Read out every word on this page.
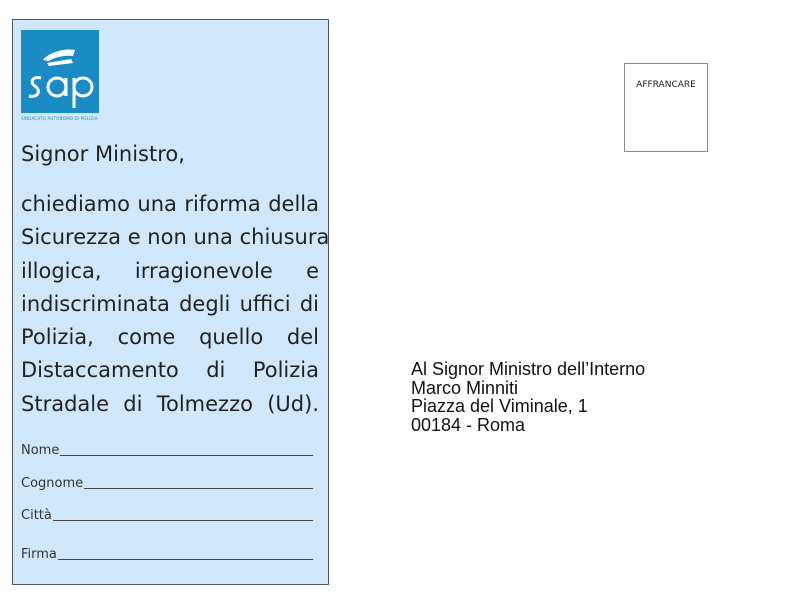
SINDACATO AUTONOMO DI POLIZIA
Signor Ministro,
chiediamo una riforma della
Sicurezza e non una chiusura
illogica, irragionevole e
indiscriminata degli uffici di
Polizia, come quello del
Distaccamento di Polizia
Stradale di Tolmezzo (Ud).
Nome
Cognome
Città
Firma
AFFRANCARE
Al Signor Ministro dell’Interno
Marco Minniti
Piazza del Viminale, 1
00184 - Roma
